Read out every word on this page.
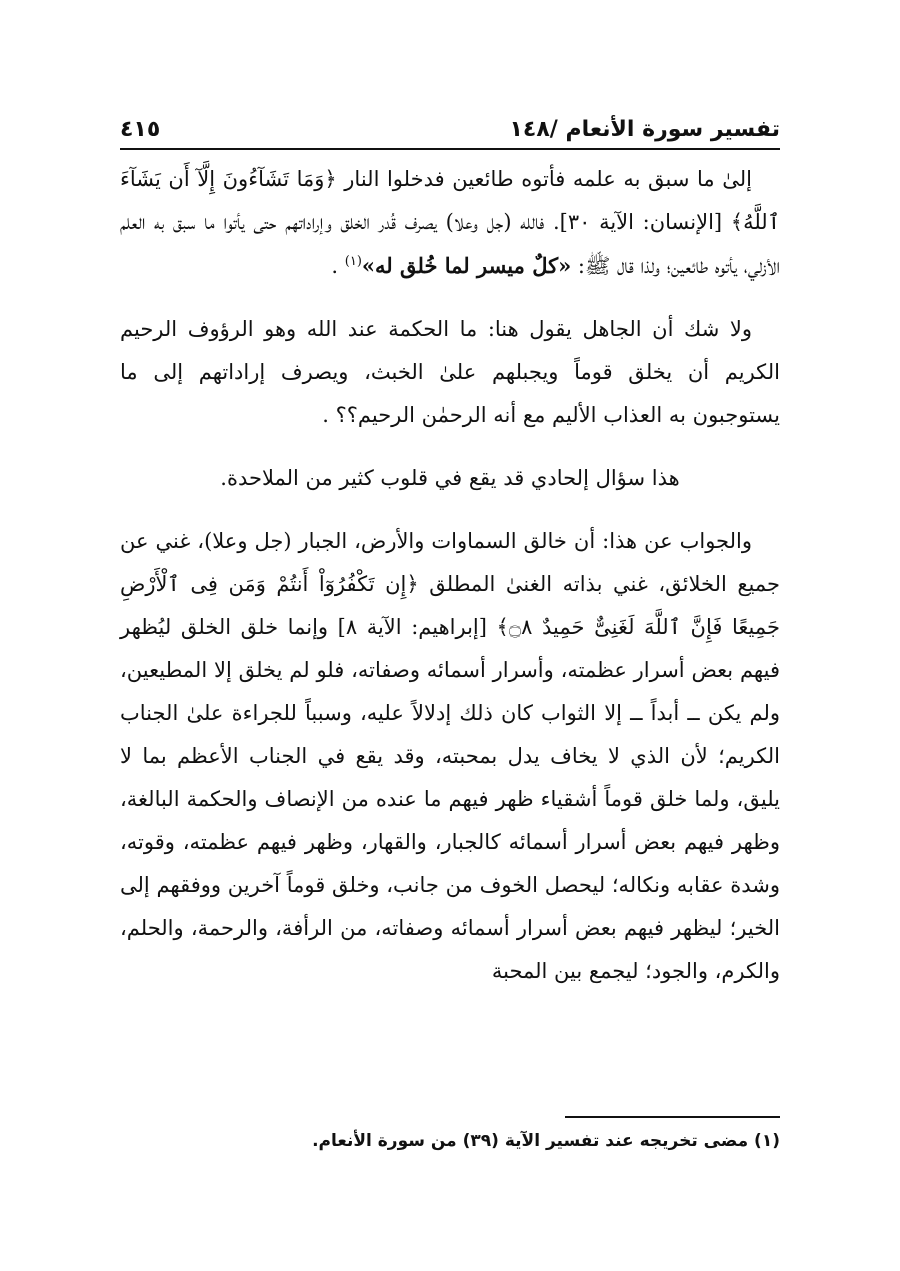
تفسير سورة الأنعام /١٤٨
٤١٥

إلىٰ ما سبق به علمه فأتوه طائعين فدخلوا النار ﴿وَمَا تَشَآءُونَ إِلَّآ أَن يَشَآءَ ٱللَّهُ﴾ [الإنسان: الآية ٣٠]. فالله (جل وعلا) يصرف قُدر الخلق وإراداتهم حتى يأتوا ما سبق به العلم الأزلي، يأتوه طائعين؛ ولذا قال ﷺ: «كلٌ ميسر لما خُلق له»$^{(١)}$ .

ولا شك أن الجاهل يقول هنا: ما الحكمة عند الله وهو الرؤوف الرحيم الكريم أن يخلق قوماً ويجبلهم علىٰ الخبث، ويصرف إراداتهم إلى ما يستوجبون به العذاب الأليم مع أنه الرحمٰن الرحيم؟؟ .

هذا سؤال إلحادي قد يقع في قلوب كثير من الملاحدة.

والجواب عن هذا: أن خالق السماوات والأرض، الجبار (جل وعلا)، غني عن جميع الخلائق، غني بذاته الغنىٰ المطلق ﴿إِن تَكْفُرُوٓاْ أَنتُمْ وَمَن فِى ٱلْأَرْضِ جَمِيعًا فَإِنَّ ٱللَّهَ لَغَنِىٌّ حَمِيدٌ ۝٨﴾ [إبراهيم: الآية ٨] وإنما خلق الخلق ليُظهر فيهم بعض أسرار عظمته، وأسرار أسمائه وصفاته، فلو لم يخلق إلا المطيعين، ولم يكن ــ أبداً ــ إلا الثواب كان ذلك إدلالاً عليه، وسبباً للجراءة علىٰ الجناب الكريم؛ لأن الذي لا يخاف يدل بمحبته، وقد يقع في الجناب الأعظم بما لا يليق، ولما خلق قوماً أشقياء ظهر فيهم ما عنده من الإنصاف والحكمة البالغة، وظهر فيهم بعض أسرار أسمائه كالجبار، والقهار، وظهر فيهم عظمته، وقوته، وشدة عقابه ونكاله؛ ليحصل الخوف من جانب، وخلق قوماً آخرين ووفقهم إلى الخير؛ ليظهر فيهم بعض أسرار أسمائه وصفاته، من الرأفة، والرحمة، والحلم، والكرم، والجود؛ ليجمع بين المحبة

(١) مضى تخريجه عند تفسير الآية (٣٩) من سورة الأنعام.
